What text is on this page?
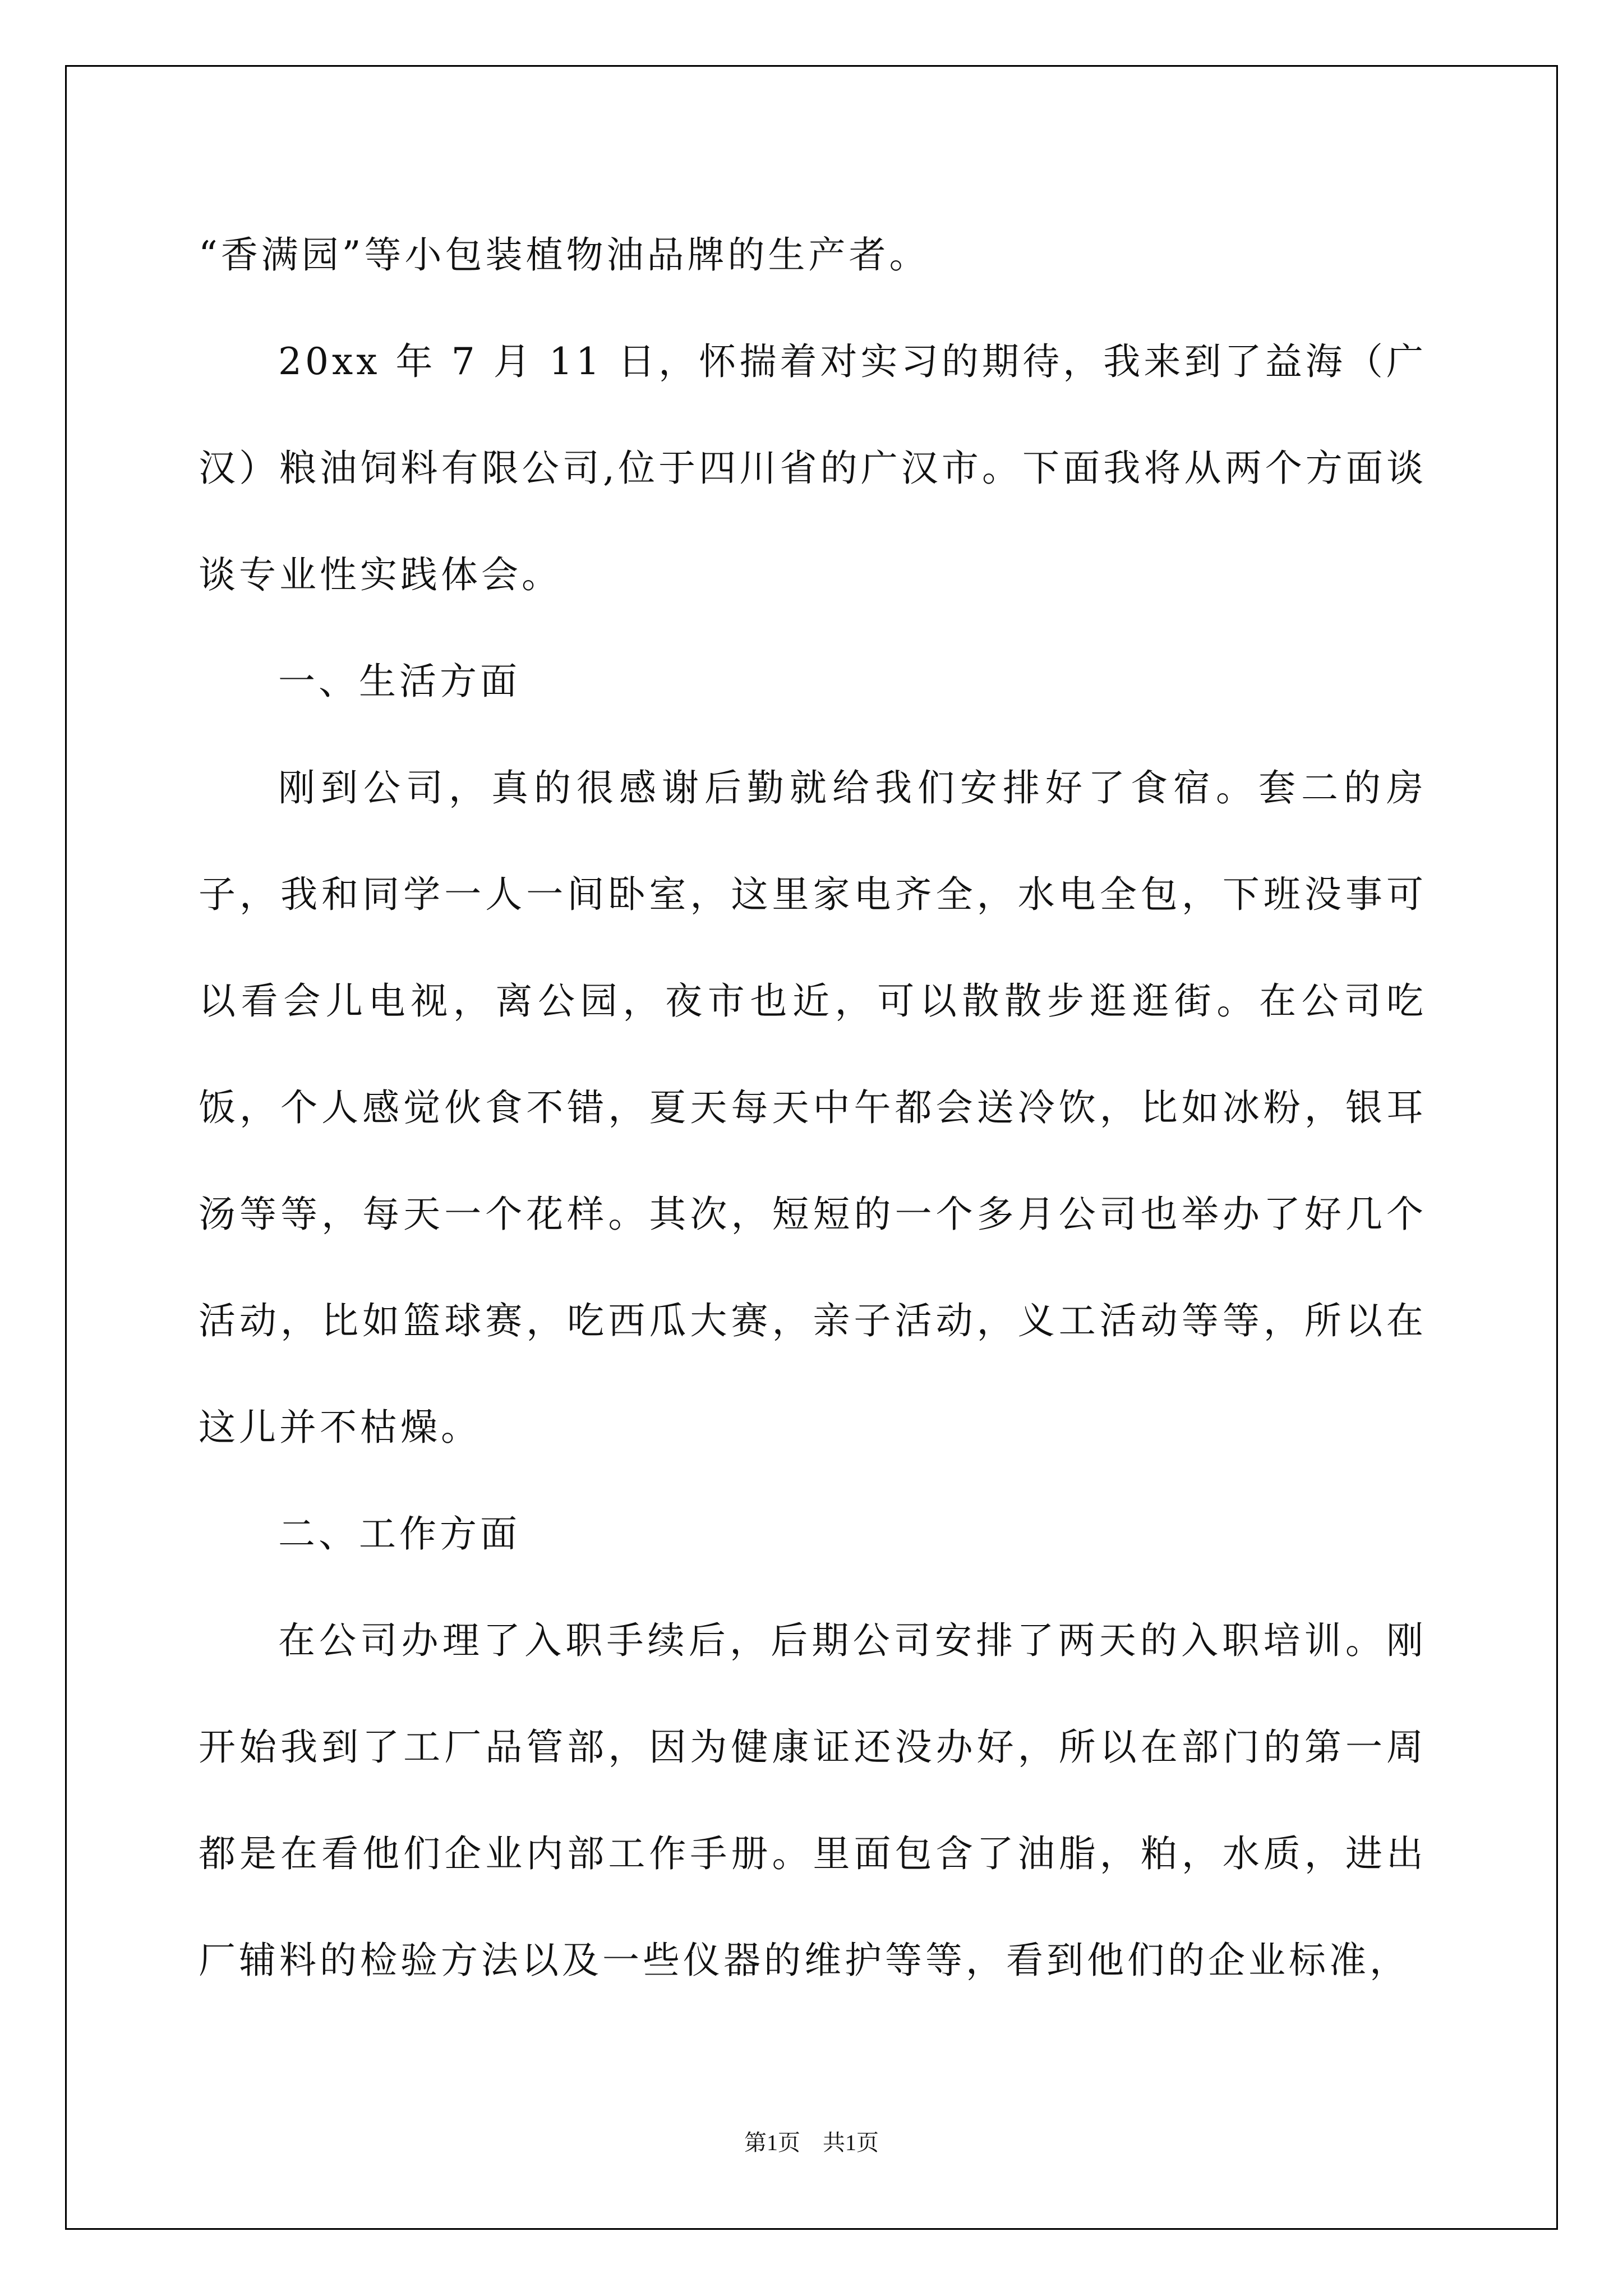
“香满园”等小包装植物油品牌的生产者。

20xx 年 7 月 11 日，怀揣着对实习的期待，我来到了益海（广汉）粮油饲料有限公司,位于四川省的广汉市。下面我将从两个方面谈谈专业性实践体会。

一、生活方面

刚到公司，真的很感谢后勤就给我们安排好了食宿。套二的房子，我和同学一人一间卧室，这里家电齐全，水电全包，下班没事可以看会儿电视，离公园，夜市也近，可以散散步逛逛街。在公司吃饭，个人感觉伙食不错，夏天每天中午都会送冷饮，比如冰粉，银耳汤等等，每天一个花样。其次，短短的一个多月公司也举办了好几个活动，比如篮球赛，吃西瓜大赛，亲子活动，义工活动等等，所以在这儿并不枯燥。

二、工作方面

在公司办理了入职手续后，后期公司安排了两天的入职培训。刚开始我到了工厂品管部，因为健康证还没办好，所以在部门的第一周都是在看他们企业内部工作手册。里面包含了油脂，粕，水质，进出厂辅料的检验方法以及一些仪器的维护等等，看到他们的企业标准，

第1页　共1页
